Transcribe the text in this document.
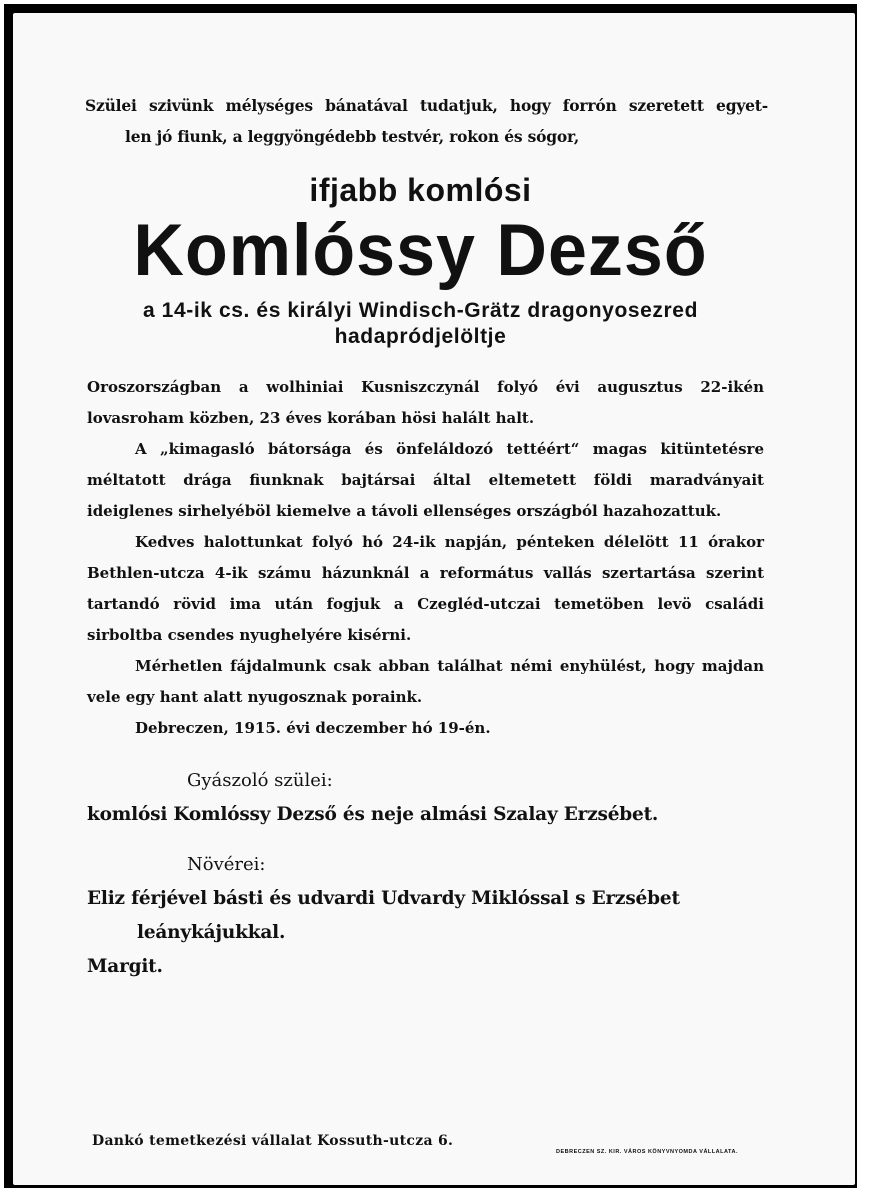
Szülei szivünk mélységes bánatával tudatjuk, hogy forrón szeretett egyet-
len jó fiunk, a leggyöngédebb testvér, rokon és sógor,
ifjabb komlósi
Komlóssy Dezső
a 14-ik cs. és királyi Windisch-Grätz dragonyosezred
hadapródjelöltje

Oroszországban a wolhiniai Kusniszczynál folyó évi augusztus 22-ikén lovasroham közben, 23 éves korában hösi halált halt.

A „kimagasló bátorsága és önfeláldozó tettéért“ magas kitüntetésre méltatott drága fiunknak bajtársai által eltemetett földi maradványait ideiglenes sirhelyéböl kiemelve a távoli ellenséges országból hazahozattuk.

Kedves halottunkat folyó hó 24-ik napján, pénteken délelött 11 órakor Bethlen-utcza 4-ik számu házunknál a református vallás szertartása szerint tartandó rövid ima után fogjuk a Czegléd-utczai temetöben levö családi sirboltba csendes nyughelyére kisérni.

Mérhetlen fájdalmunk csak abban találhat némi enyhülést, hogy majdan vele egy hant alatt nyugosznak poraink.

Debreczen, 1915. évi deczember hó 19-én.

Gyászoló szülei:
komlósi Komlóssy Dezső és neje almási Szalay Erzsébet.
Növérei:
Eliz férjével básti és udvardi Udvardy Miklóssal s Erzsébet
leánykájukkal.
Margit.
Dankó temetkezési vállalat Kossuth-utcza 6.
DEBRECZEN SZ. KIR. VÁROS KÖNYVNYOMDA VÁLLALATA.
